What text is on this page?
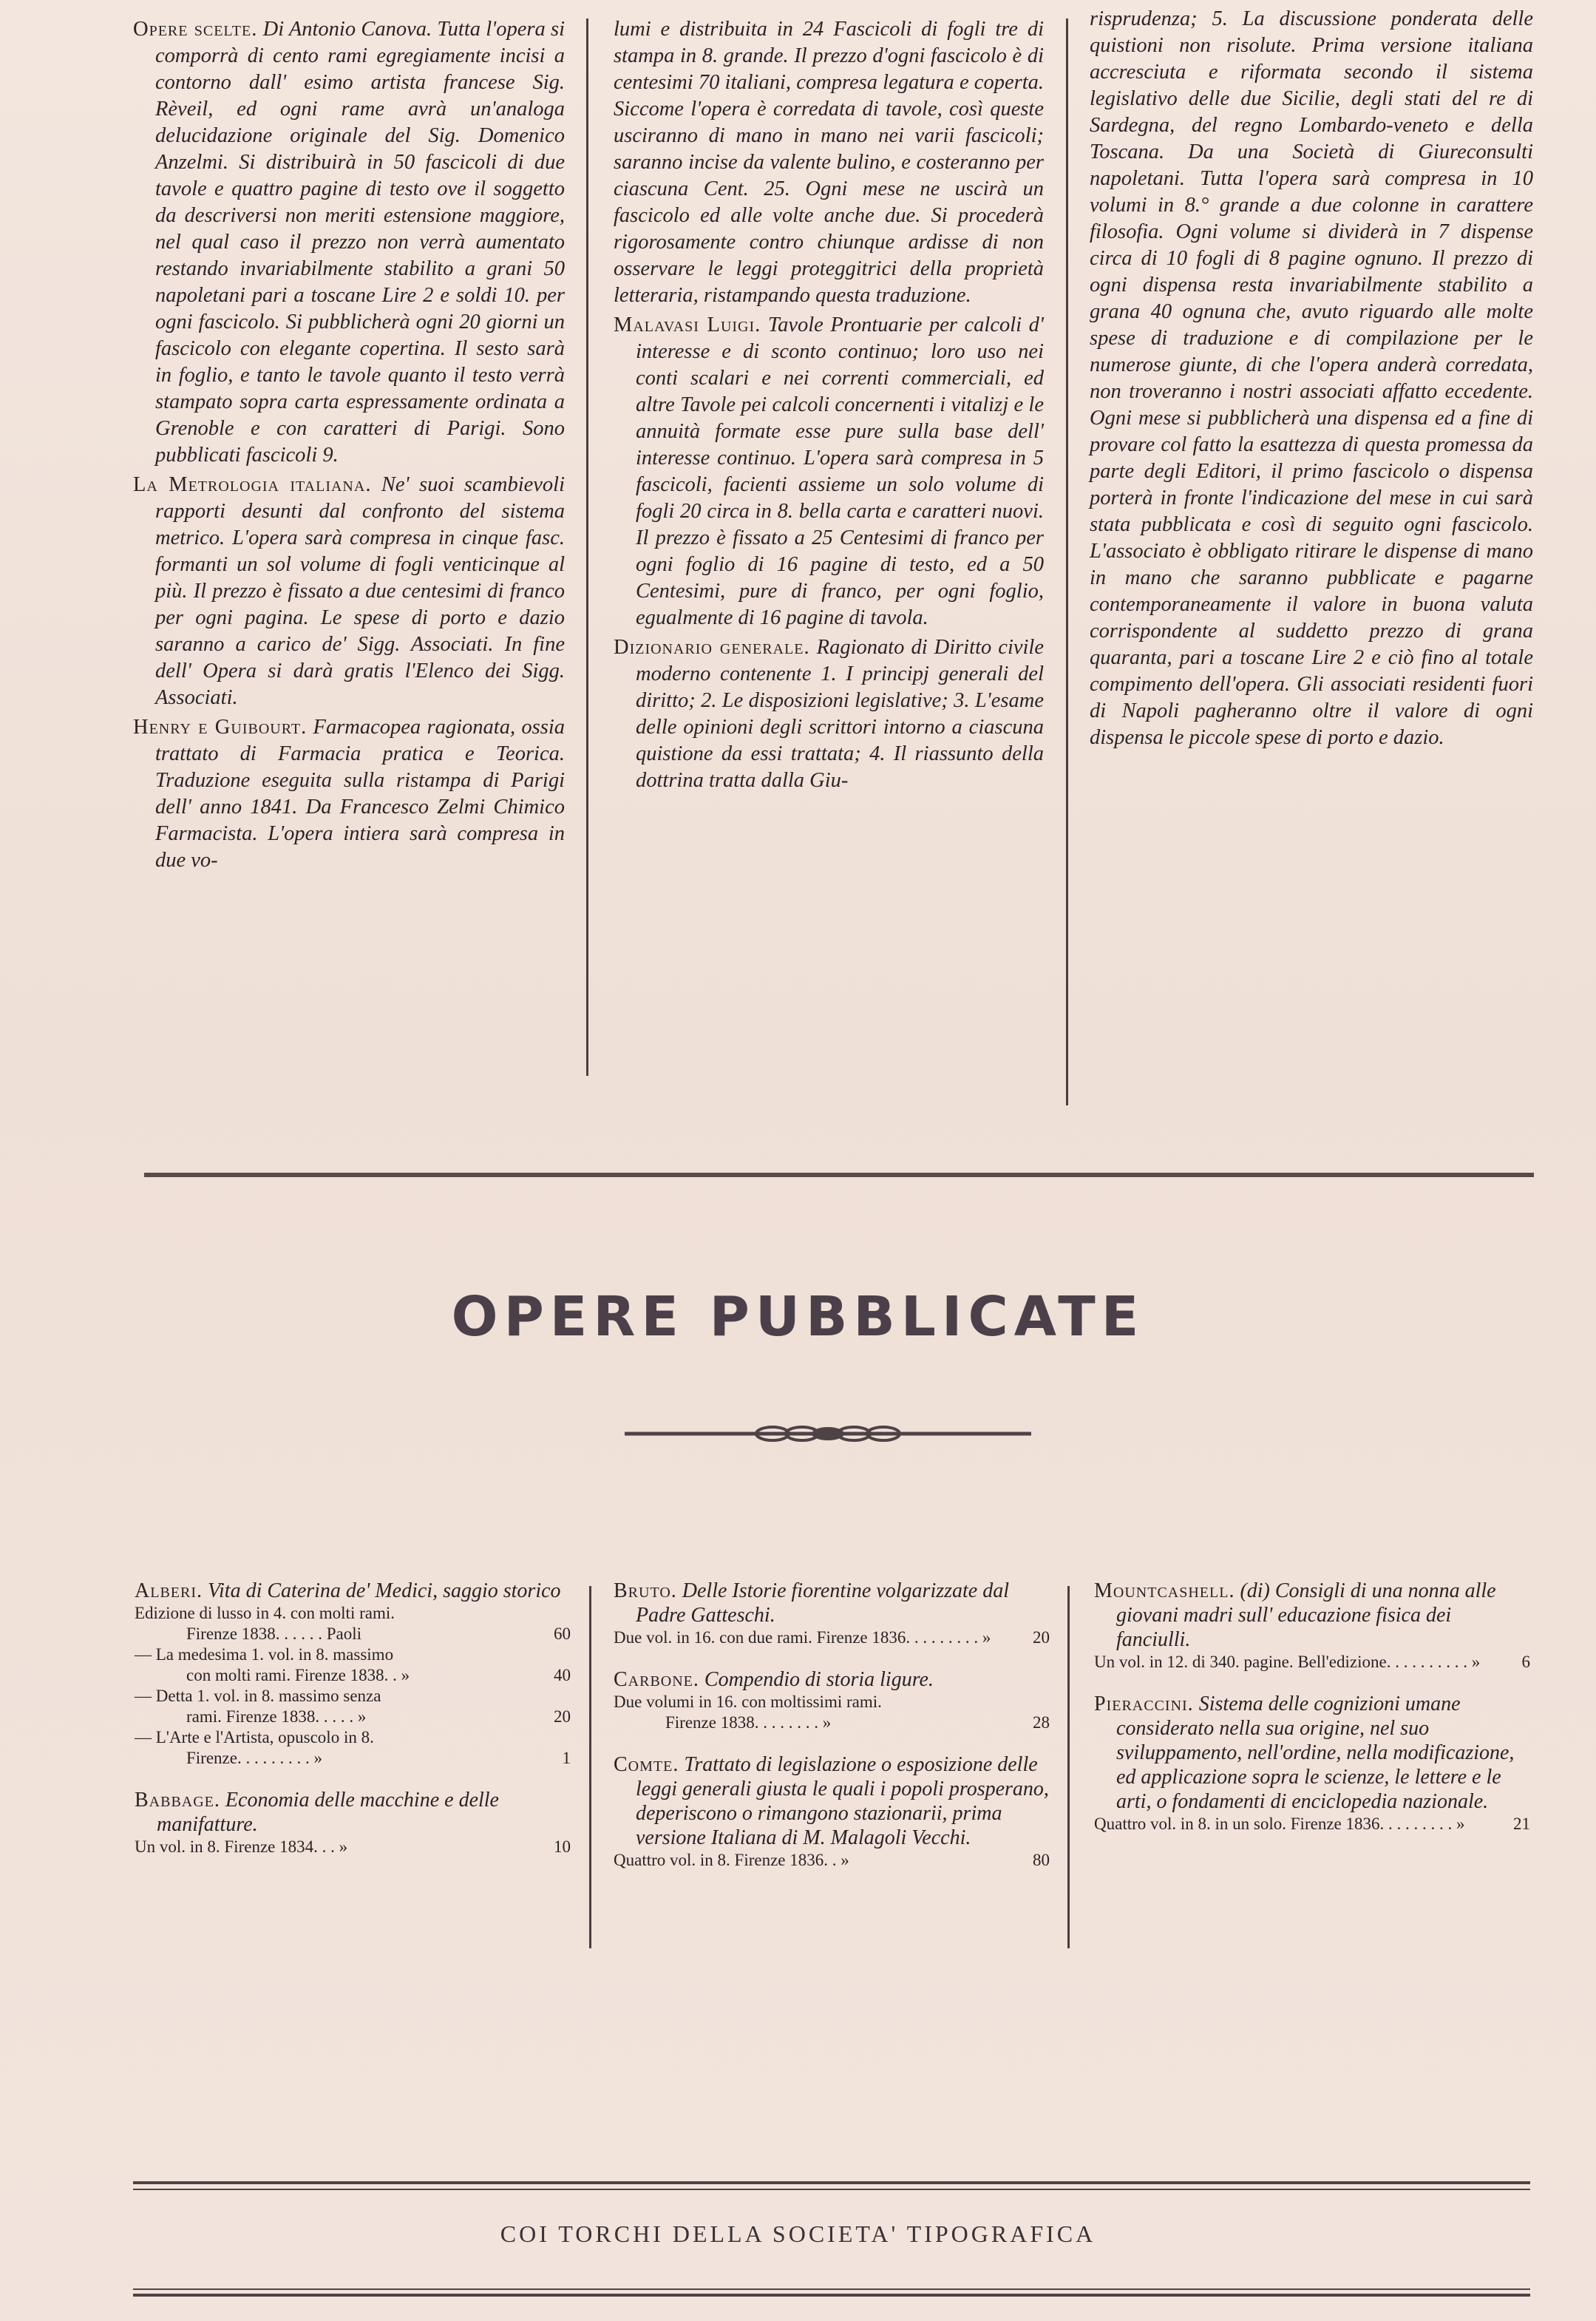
Opere scelte. Di Antonio Canova. Tutta l'opera si comporrà di cento rami egregiamente incisi a contorno dall' esimo artista francese Sig. Rèveil, ed ogni rame avrà un'analoga delucidazione originale del Sig. Domenico Anzelmi. Si distribuirà in 50 fascicoli di due tavole e quattro pagine di testo ove il soggetto da descriversi non meriti estensione maggiore, nel qual caso il prezzo non verrà aumentato restando invariabilmente stabilito a grani 50 napoletani pari a toscane Lire 2 e soldi 10. per ogni fascicolo. Si pubblicherà ogni 20 giorni un fascicolo con elegante copertina. Il sesto sarà in foglio, e tanto le tavole quanto il testo verrà stampato sopra carta espressamente ordinata a Grenoble e con caratteri di Parigi. Sono pubblicati fascicoli 9.

La Metrologia italiana. Ne' suoi scambievoli rapporti desunti dal confronto del sistema metrico. L'opera sarà compresa in cinque fasc. formanti un sol volume di fogli venticinque al più. Il prezzo è fissato a due centesimi di franco per ogni pagina. Le spese di porto e dazio saranno a carico de' Sigg. Associati. In fine dell' Opera si darà gratis l'Elenco dei Sigg. Associati.

Henry e Guibourt. Farmacopea ragionata, ossia trattato di Farmacia pratica e Teorica. Traduzione eseguita sulla ristampa di Parigi dell' anno 1841. Da Francesco Zelmi Chimico Farmacista. L'opera intiera sarà compresa in due vo-

lumi e distribuita in 24 Fascicoli di fogli tre di stampa in 8. grande. Il prezzo d'ogni fascicolo è di centesimi 70 italiani, compresa legatura e coperta. Siccome l'opera è corredata di tavole, così queste usciranno di mano in mano nei varii fascicoli; saranno incise da valente bulino, e costeranno per ciascuna Cent. 25. Ogni mese ne uscirà un fascicolo ed alle volte anche due. Si procederà rigorosamente contro chiunque ardisse di non osservare le leggi proteggitrici della proprietà letteraria, ristampando questa traduzione.

Malavasi Luigi. Tavole Prontuarie per calcoli d' interesse e di sconto continuo; loro uso nei conti scalari e nei correnti commerciali, ed altre Tavole pei calcoli concernenti i vitalizj e le annuità formate esse pure sulla base dell' interesse continuo. L'opera sarà compresa in 5 fascicoli, facienti assieme un solo volume di fogli 20 circa in 8. bella carta e caratteri nuovi. Il prezzo è fissato a 25 Centesimi di franco per ogni foglio di 16 pagine di testo, ed a 50 Centesimi, pure di franco, per ogni foglio, egualmente di 16 pagine di tavola.

Dizionario generale. Ragionato di Diritto civile moderno contenente 1. I principj generali del diritto; 2. Le disposizioni legislative; 3. L'esame delle opinioni degli scrittori intorno a ciascuna quistione da essi trattata; 4. Il riassunto della dottrina tratta dalla Giu-

risprudenza; 5. La discussione ponderata delle quistioni non risolute. Prima versione italiana accresciuta e riformata secondo il sistema legislativo delle due Sicilie, degli stati del re di Sardegna, del regno Lombardo-veneto e della Toscana. Da una Società di Giureconsulti napoletani. Tutta l'opera sarà compresa in 10 volumi in 8.° grande a due colonne in carattere filosofia. Ogni volume si dividerà in 7 dispense circa di 10 fogli di 8 pagine ognuno. Il prezzo di ogni dispensa resta invariabilmente stabilito a grana 40 ognuna che, avuto riguardo alle molte spese di traduzione e di compilazione per le numerose giunte, di che l'opera anderà corredata, non troveranno i nostri associati affatto eccedente. Ogni mese si pubblicherà una dispensa ed a fine di provare col fatto la esattezza di questa promessa da parte degli Editori, il primo fascicolo o dispensa porterà in fronte l'indicazione del mese in cui sarà stata pubblicata e così di seguito ogni fascicolo. L'associato è obbligato ritirare le dispense di mano in mano che saranno pubblicate e pagarne contemporaneamente il valore in buona valuta corrispondente al suddetto prezzo di grana quaranta, pari a toscane Lire 2 e ciò fino al totale compimento dell'opera. Gli associati residenti fuori di Napoli pagheranno oltre il valore di ogni dispensa le piccole spese di porto e dazio.

OPERE PUBBLICATE
Alberi. Vita di Caterina de' Medici, saggio storico
Edizione di lusso in 4. con molti rami.
Firenze 1838. . . . . . Paoli	60
— La medesima 1. vol. in 8. massimo
con molti rami. Firenze 1838. . »	40
— Detta 1. vol. in 8. massimo senza
rami. Firenze 1838. . . . . »	20
— L'Arte e l'Artista, opuscolo in 8.
Firenze. . . . . . . . . »	1
Babbage. Economia delle macchine e delle manifatture.
Un vol. in 8. Firenze 1834. . . »	10
Bruto. Delle Istorie fiorentine volgarizzate dal Padre Gatteschi.
Due vol. in 16. con due rami. Firenze 1836. . . . . . . . . »	20
Carbone. Compendio di storia ligure.
Due volumi in 16. con moltissimi rami.
Firenze 1838. . . . . . . . »	28
Comte. Trattato di legislazione o esposizione delle leggi generali giusta le quali i popoli prosperano, deperiscono o rimangono stazionarii, prima versione Italiana di M. Malagoli Vecchi.
Quattro vol. in 8. Firenze 1836. . »	80
Mountcashell. (di) Consigli di una nonna alle giovani madri sull' educazione fisica dei fanciulli.
Un vol. in 12. di 340. pagine. Bell'edizione. . . . . . . . . . »	6
Pieraccini. Sistema delle cognizioni umane considerato nella sua origine, nel suo sviluppamento, nell'ordine, nella modificazione, ed applicazione sopra le scienze, le lettere e le arti, o fondamenti di enciclopedia nazionale.
Quattro vol. in 8. in un solo. Firenze 1836. . . . . . . . . »	21
COI TORCHI DELLA SOCIETA' TIPOGRAFICA
